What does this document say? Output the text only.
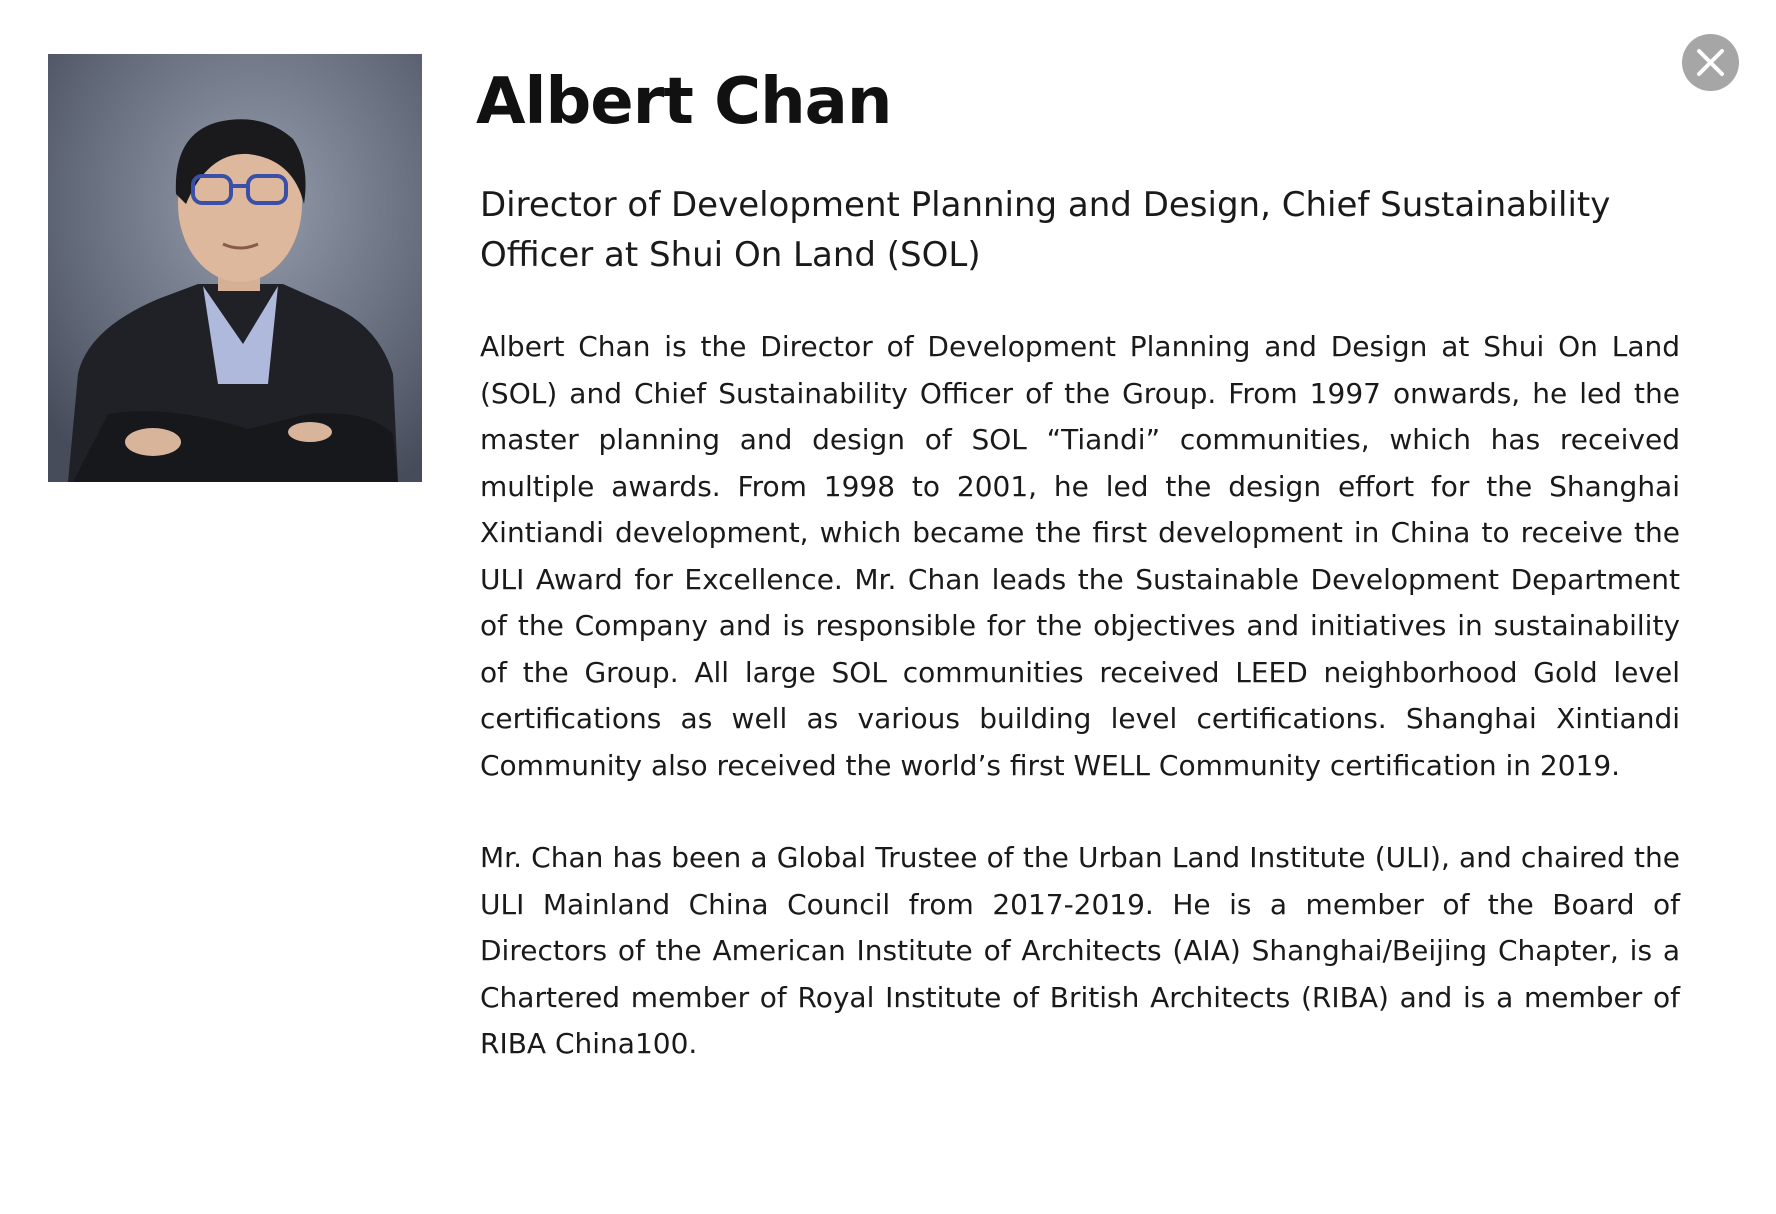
Albert Chan

Director of Development Planning and Design, Chief Sustainability Officer at Shui On Land (SOL)

Albert Chan is the Director of Development Planning and Design at Shui On Land (SOL) and Chief Sustainability Officer of the Group. From 1997 onwards, he led the master planning and design of SOL “Tiandi” communities, which has received multiple awards. From 1998 to 2001, he led the design effort for the Shanghai Xintiandi development, which became the first development in China to receive the ULI Award for Excellence. Mr. Chan leads the Sustainable Development Department of the Company and is responsible for the objectives and initiatives in sustainability of the Group. All large SOL communities received LEED neighborhood Gold level certifications as well as various building level certifications. Shanghai Xintiandi Community also received the world’s first WELL Community certification in 2019.

Mr. Chan has been a Global Trustee of the Urban Land Institute (ULI), and chaired the ULI Mainland China Council from 2017-2019. He is a member of the Board of Directors of the American Institute of Architects (AIA) Shanghai/Beijing Chapter, is a Chartered member of Royal Institute of British Architects (RIBA) and is a member of RIBA China100.
